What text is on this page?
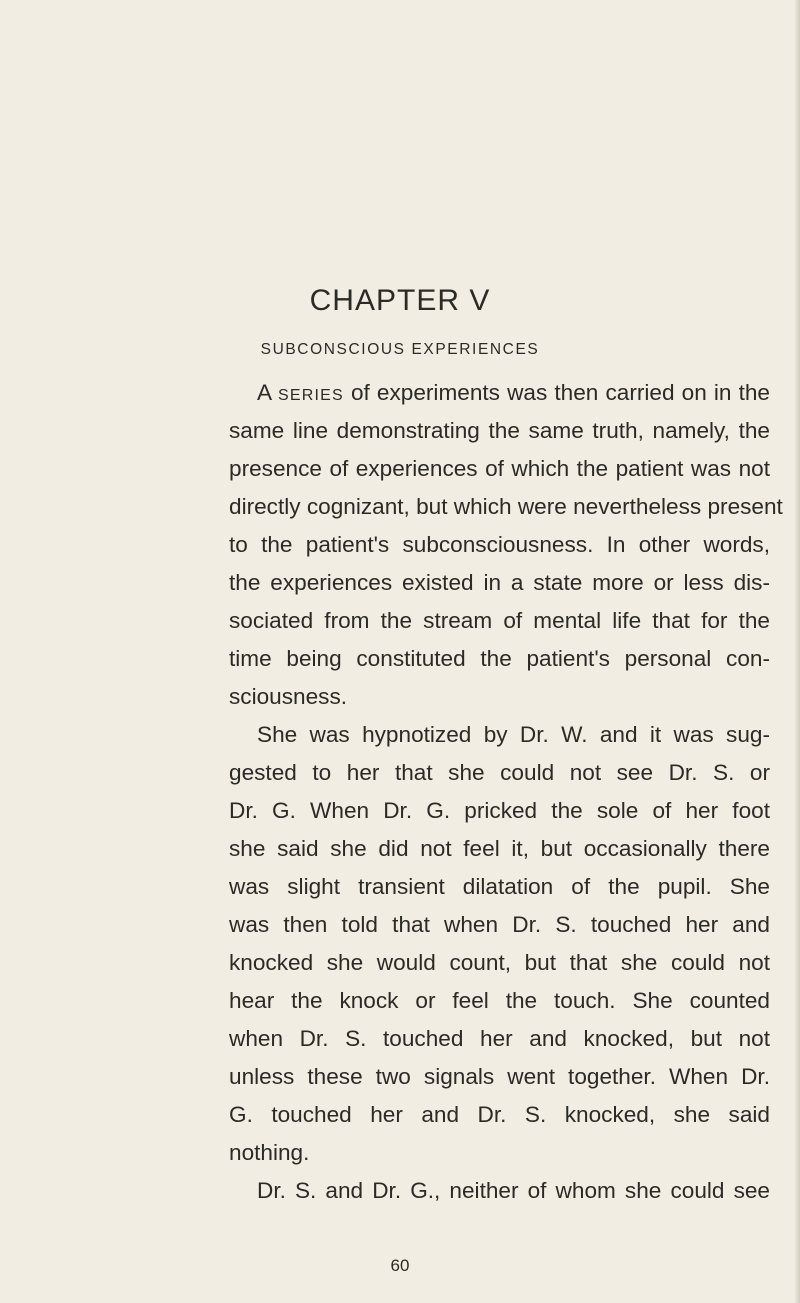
CHAPTER V
SUBCONSCIOUS EXPERIENCES
A SERIES of experiments was then carried on in the
same line demonstrating the same truth, namely, the
presence of experiences of which the patient was not
directly cognizant, but which were nevertheless present
to the patient's subconsciousness. In other words,
the experiences existed in a state more or less dis-
sociated from the stream of mental life that for the
time being constituted the patient's personal con-
sciousness.
She was hypnotized by Dr. W. and it was sug-
gested to her that she could not see Dr. S. or
Dr. G. When Dr. G. pricked the sole of her foot
she said she did not feel it, but occasionally there
was slight transient dilatation of the pupil. She
was then told that when Dr. S. touched her and
knocked she would count, but that she could not
hear the knock or feel the touch. She counted
when Dr. S. touched her and knocked, but not
unless these two signals went together. When Dr.
G. touched her and Dr. S. knocked, she said
nothing.
Dr. S. and Dr. G., neither of whom she could see
60
